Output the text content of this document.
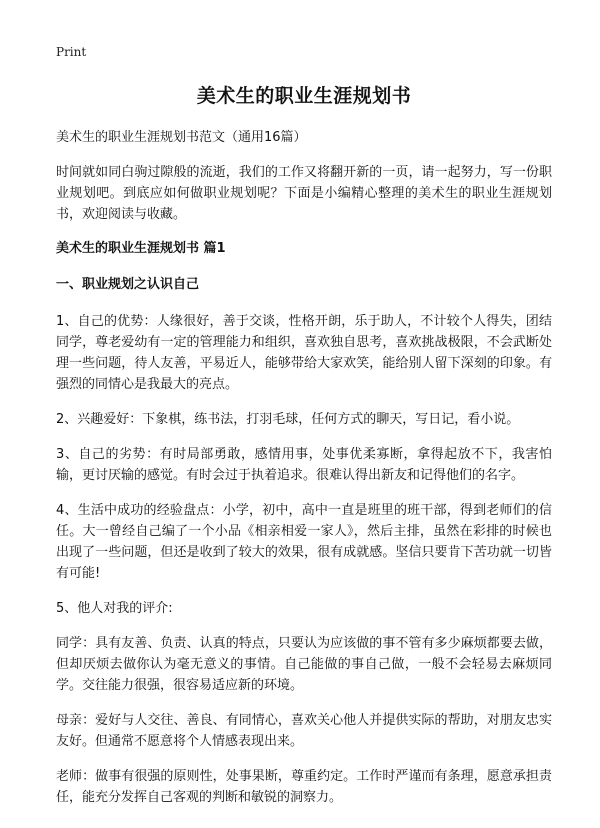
Print
美术生的职业生涯规划书

美术生的职业生涯规划书范文（通用16篇）

时间就如同白驹过隙般的流逝，我们的工作又将翻开新的一页，请一起努力，写一份职业规划吧。到底应如何做职业规划呢？下面是小编精心整理的美术生的职业生涯规划书，欢迎阅读与收藏。

美术生的职业生涯规划书 篇1

一、职业规划之认识自己

1、自己的优势：人缘很好，善于交谈，性格开朗，乐于助人，不计较个人得失，团结同学，尊老爱幼有一定的管理能力和组织，喜欢独自思考，喜欢挑战极限，不会武断处理一些问题，待人友善，平易近人，能够带给大家欢笑，能给别人留下深刻的印象。有强烈的同情心是我最大的亮点。

2、兴趣爱好：下象棋，练书法，打羽毛球，任何方式的聊天，写日记，看小说。

3、自己的劣势：有时局部勇敢，感情用事，处事优柔寡断，拿得起放不下，我害怕输，更讨厌输的感觉。有时会过于执着追求。很难认得出新友和记得他们的名字。

4、生活中成功的经验盘点：小学，初中，高中一直是班里的班干部，得到老师们的信任。大一曾经自己编了一个小品《相亲相爱一家人》，然后主排，虽然在彩排的时候也出现了一些问题，但还是收到了较大的效果，很有成就感。坚信只要肯下苦功就一切皆有可能!

5、他人对我的评介:

同学：具有友善、负责、认真的特点，只要认为应该做的事不管有多少麻烦都要去做，但却厌烦去做你认为毫无意义的事情。自己能做的事自己做，一般不会轻易去麻烦同学。交往能力很强，很容易适应新的环境。

母亲：爱好与人交往、善良、有同情心，喜欢关心他人并提供实际的帮助，对朋友忠实友好。但通常不愿意将个人情感表现出来。

老师：做事有很强的原则性，处事果断，尊重约定。工作时严谨而有条理，愿意承担责任，能充分发挥自己客观的判断和敏锐的洞察力。
